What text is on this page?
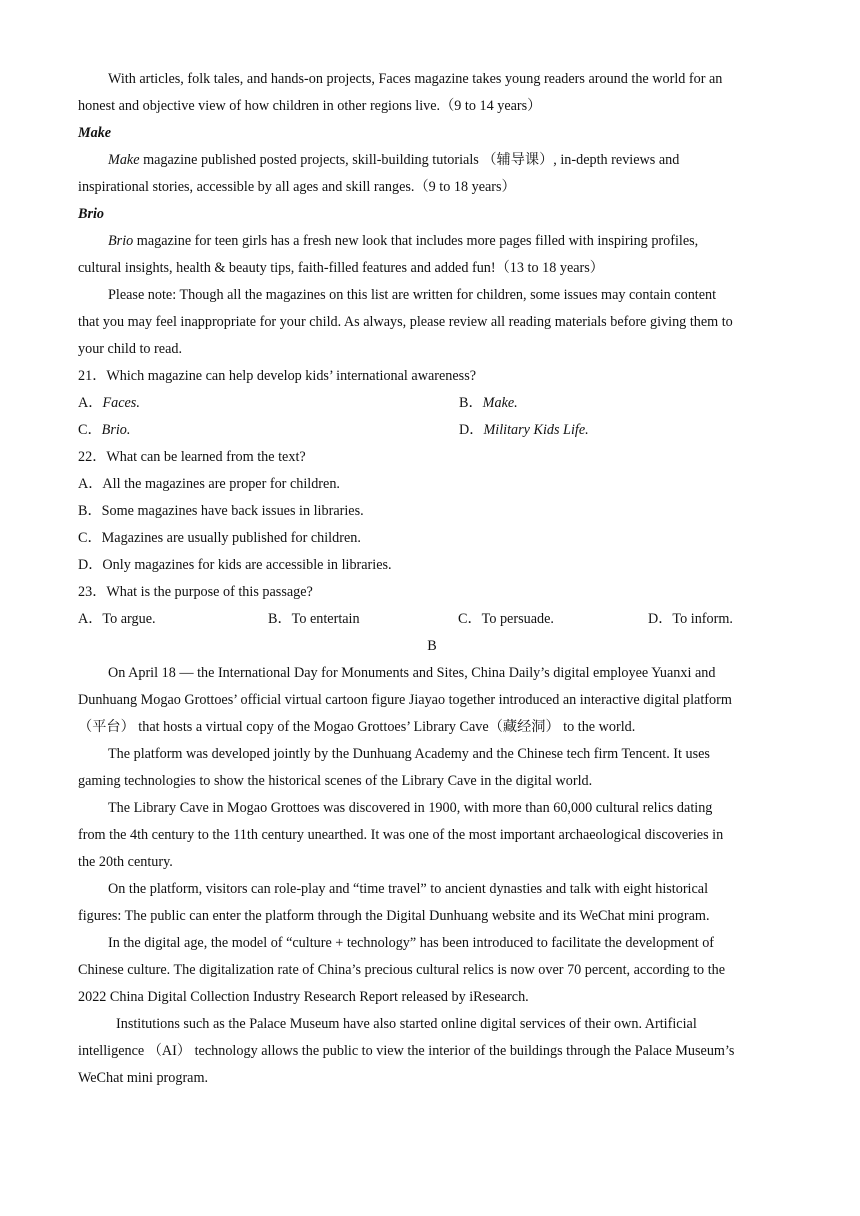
With articles, folk tales, and hands-on projects, Faces magazine takes young readers around the world for an
honest and objective view of how children in other regions live.（9 to 14 years）
Make
Make magazine published posted projects, skill-building tutorials （辅导课）, in-depth reviews and
inspirational stories, accessible by all ages and skill ranges.（9 to 18 years）
Brio
Brio magazine for teen girls has a fresh new look that includes more pages filled with inspiring profiles,
cultural insights, health & beauty tips, faith-filled features and added fun!（13 to 18 years）
Please note: Though all the magazines on this list are written for children, some issues may contain content
that you may feel inappropriate for your child. As always, please review all reading materials before giving them to
your child to read.
21．Which magazine can help develop kids’ international awareness?
A．Faces.	B．Make.
C．Brio.	D．Military Kids Life.
22．What can be learned from the text?
A．All the magazines are proper for children.
B．Some magazines have back issues in libraries.
C．Magazines are usually published for children.
D．Only magazines for kids are accessible in libraries.
23．What is the purpose of this passage?
A．To argue.	B．To entertain	C．To persuade.	D．To inform.
B
On April 18 — the International Day for Monuments and Sites, China Daily’s digital employee Yuanxi and
Dunhuang Mogao Grottoes’ official virtual cartoon figure Jiayao together introduced an interactive digital platform
（平台） that hosts a virtual copy of the Mogao Grottoes’ Library Cave（藏经洞） to the world.
The platform was developed jointly by the Dunhuang Academy and the Chinese tech firm Tencent. It uses
gaming technologies to show the historical scenes of the Library Cave in the digital world.
The Library Cave in Mogao Grottoes was discovered in 1900, with more than 60,000 cultural relics dating
from the 4th century to the 11th century unearthed. It was one of the most important archaeological discoveries in
the 20th century.
On the platform, visitors can role-play and “time travel” to ancient dynasties and talk with eight historical
figures: The public can enter the platform through the Digital Dunhuang website and its WeChat mini program.
In the digital age, the model of “culture + technology” has been introduced to facilitate the development of
Chinese culture. The digitalization rate of China’s precious cultural relics is now over 70 percent, according to the
2022 China Digital Collection Industry Research Report released by iResearch.
Institutions such as the Palace Museum have also started online digital services of their own. Artificial
intelligence （AI） technology allows the public to view the interior of the buildings through the Palace Museum’s
WeChat mini program.
